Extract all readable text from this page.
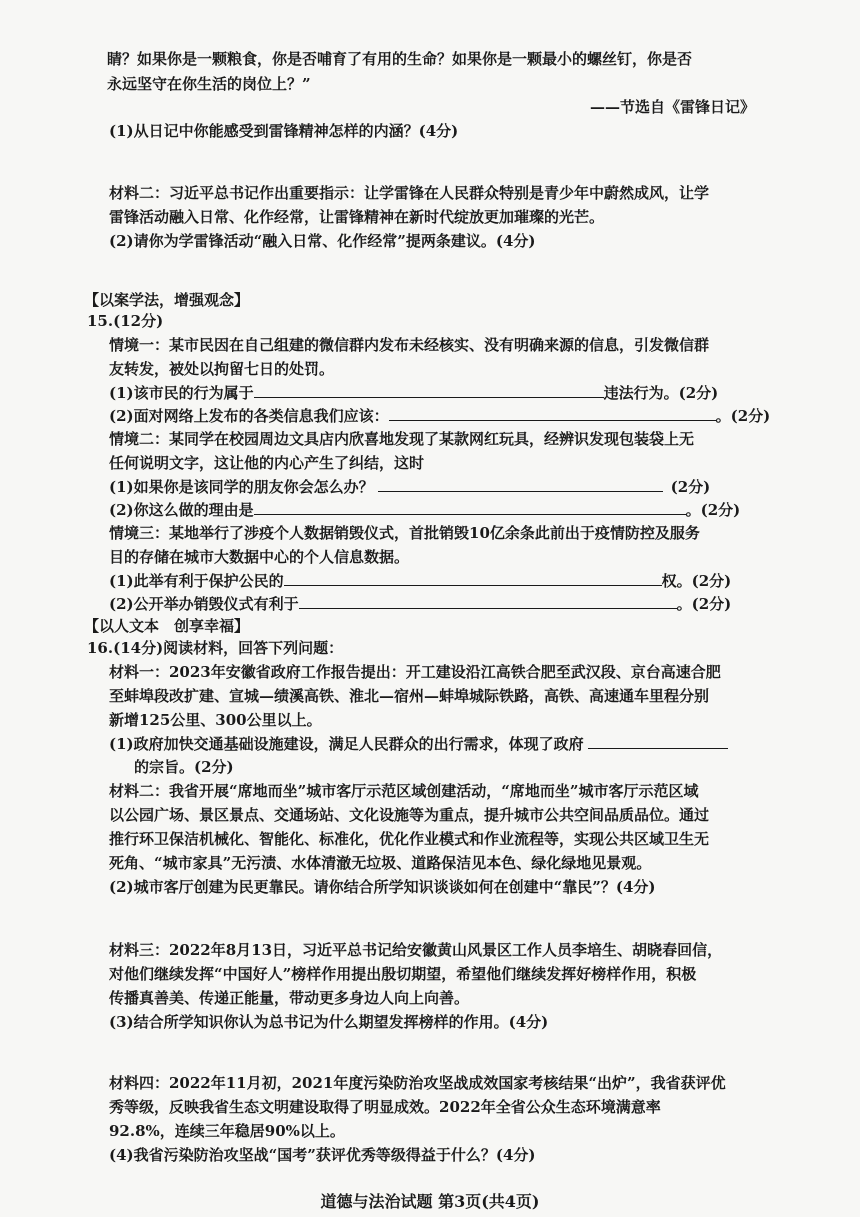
睛？如果你是一颗粮食，你是否哺育了有用的生命？如果你是一颗最小的螺丝钉，你是否
永远坚守在你生活的岗位上？”
——节选自《雷锋日记》
(1)从日记中你能感受到雷锋精神怎样的内涵？(4分)
材料二：习近平总书记作出重要指示：让学雷锋在人民群众特别是青少年中蔚然成风，让学
雷锋活动融入日常、化作经常，让雷锋精神在新时代绽放更加璀璨的光芒。
(2)请你为学雷锋活动“融入日常、化作经常”提两条建议。(4分)
【以案学法，增强观念】
15.(12分)
情境一：某市民因在自己组建的微信群内发布未经核实、没有明确来源的信息，引发微信群
友转发，被处以拘留七日的处罚。
(1)该市民的行为属于	违法行为。(2分)
(2)面对网络上发布的各类信息我们应该：	。(2分)
情境二：某同学在校园周边文具店内欣喜地发现了某款网红玩具，经辨识发现包装袋上无
任何说明文字，这让他的内心产生了纠结，这时
(1)如果你是该同学的朋友你会怎么办？	(2分)
(2)你这么做的理由是	。(2分)
情境三：某地举行了涉疫个人数据销毁仪式，首批销毁10亿余条此前出于疫情防控及服务
目的存储在城市大数据中心的个人信息数据。
(1)此举有利于保护公民的	权。(2分)
(2)公开举办销毁仪式有利于	。(2分)
【以人文本　创享幸福】
16.(14分)阅读材料，回答下列问题：
材料一：2023年安徽省政府工作报告提出：开工建设沿江高铁合肥至武汉段、京台高速合肥
至蚌埠段改扩建、宣城—绩溪高铁、淮北—宿州—蚌埠城际铁路，高铁、高速通车里程分别
新增125公里、300公里以上。
(1)政府加快交通基础设施建设，满足人民群众的出行需求，体现了政府
的宗旨。(2分)
材料二：我省开展“席地而坐”城市客厅示范区域创建活动，“席地而坐”城市客厅示范区域
以公园广场、景区景点、交通场站、文化设施等为重点，提升城市公共空间品质品位。通过
推行环卫保洁机械化、智能化、标准化，优化作业模式和作业流程等，实现公共区域卫生无
死角、“城市家具”无污渍、水体清澈无垃圾、道路保洁见本色、绿化绿地见景观。
(2)城市客厅创建为民更靠民。请你结合所学知识谈谈如何在创建中“靠民”？(4分)
材料三：2022年8月13日，习近平总书记给安徽黄山风景区工作人员李培生、胡晓春回信，
对他们继续发挥“中国好人”榜样作用提出殷切期望，希望他们继续发挥好榜样作用，积极
传播真善美、传递正能量，带动更多身边人向上向善。
(3)结合所学知识你认为总书记为什么期望发挥榜样的作用。(4分)
材料四：2022年11月初，2021年度污染防治攻坚战成效国家考核结果“出炉”，我省获评优
秀等级，反映我省生态文明建设取得了明显成效。2022年全省公众生态环境满意率
92.8%，连续三年稳居90%以上。
(4)我省污染防治攻坚战“国考”获评优秀等级得益于什么？(4分)
道德与法治试题 第3页(共4页)
